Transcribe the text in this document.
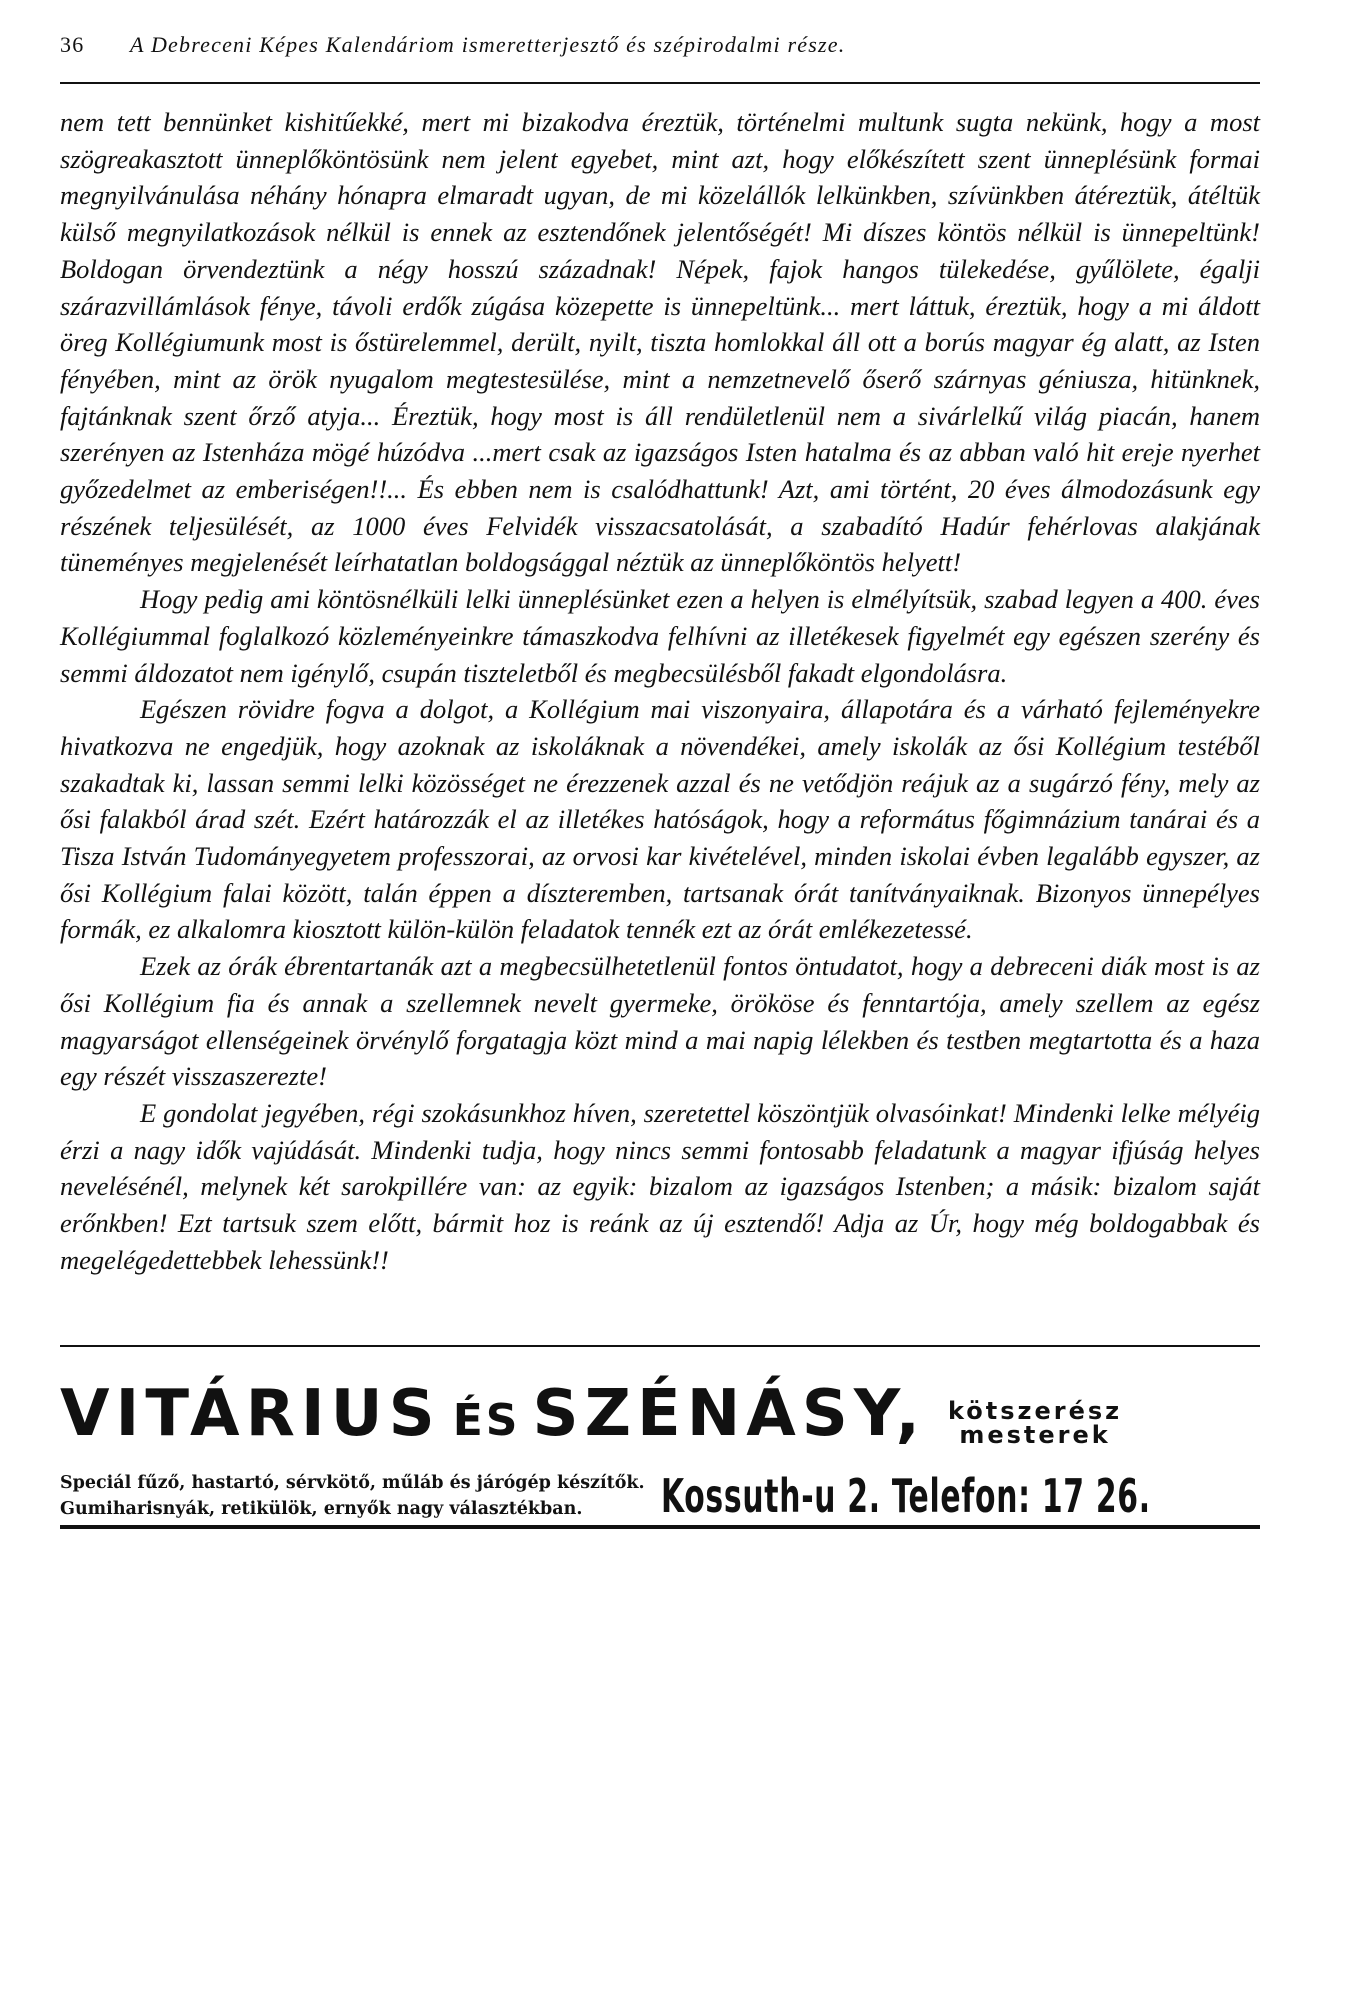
36	A Debreceni Képes Kalendáriom ismeretterjesztő és szépirodalmi része.

nem tett bennünket kishitűekké, mert mi bizakodva éreztük, történelmi multunk sugta nekünk, hogy a most szögreakasztott ünneplőköntösünk nem jelent egyebet, mint azt, hogy előkészített szent ünneplésünk formai megnyilvánulása néhány hónapra elmaradt ugyan, de mi közelállók lelkünkben, szívünkben átéreztük, átéltük külső megnyilatkozások nélkül is ennek az esztendőnek jelentőségét! Mi díszes köntös nélkül is ünnepeltünk! Boldogan örvendeztünk a négy hosszú századnak! Népek, fajok hangos tülekedése, gyűlölete, égalji szárazvillámlások fénye, távoli erdők zúgása közepette is ünnepeltünk... mert láttuk, éreztük, hogy a mi áldott öreg Kollégiumunk most is őstürelemmel, derült, nyilt, tiszta homlokkal áll ott a borús magyar ég alatt, az Isten fényében, mint az örök nyugalom megtestesülése, mint a nemzetnevelő őserő szárnyas géniusza, hitünknek, fajtánknak szent őrző atyja... Éreztük, hogy most is áll rendületlenül nem a sivárlelkű világ piacán, hanem szerényen az Istenháza mögé húzódva ...mert csak az igazságos Isten hatalma és az abban való hit ereje nyerhet győzedelmet az emberiségen!!... És ebben nem is csalódhattunk! Azt, ami történt, 20 éves álmodozásunk egy részének teljesülését, az 1000 éves Felvidék visszacsatolását, a szabadító Hadúr fehérlovas alakjának tüneményes megjelenését leírhatatlan boldogsággal néztük az ünneplőköntös helyett!

Hogy pedig ami köntösnélküli lelki ünneplésünket ezen a helyen is elmélyítsük, szabad legyen a 400. éves Kollégiummal foglalkozó közleményeinkre támaszkodva felhívni az illetékesek figyelmét egy egészen szerény és semmi áldozatot nem igénylő, csupán tiszteletből és megbecsülésből fakadt elgondolásra.

Egészen rövidre fogva a dolgot, a Kollégium mai viszonyaira, állapotára és a várható fejleményekre hivatkozva ne engedjük, hogy azoknak az iskoláknak a növendékei, amely iskolák az ősi Kollégium testéből szakadtak ki, lassan semmi lelki közösséget ne érezzenek azzal és ne vetődjön reájuk az a sugárzó fény, mely az ősi falakból árad szét. Ezért határozzák el az illetékes hatóságok, hogy a református főgimnázium tanárai és a Tisza István Tudományegyetem professzorai, az orvosi kar kivételével, minden iskolai évben legalább egyszer, az ősi Kollégium falai között, talán éppen a díszteremben, tartsanak órát tanítványaiknak. Bizonyos ünnepélyes formák, ez alkalomra kiosztott külön-külön feladatok tennék ezt az órát emlékezetessé.

Ezek az órák ébrentartanák azt a megbecsülhetetlenül fontos öntudatot, hogy a debreceni diák most is az ősi Kollégium fia és annak a szellemnek nevelt gyermeke, örököse és fenntartója, amely szellem az egész magyarságot ellenségeinek örvénylő forgatagja közt mind a mai napig lélekben és testben megtartotta és a haza egy részét visszaszerezte!

E gondolat jegyében, régi szokásunkhoz híven, szeretettel köszöntjük olvasóinkat! Mindenki lelke mélyéig érzi a nagy idők vajúdását. Mindenki tudja, hogy nincs semmi fontosabb feladatunk a magyar ifjúság helyes nevelésénél, melynek két sarokpillére van: az egyik: bizalom az igazságos Istenben; a másik: bizalom saját erőnkben! Ezt tartsuk szem előtt, bármit hoz is reánk az új esztendő! Adja az Úr, hogy még boldogabbak és megelégedettebbek lehessünk!!

VITÁRIUS ÉS SZÉNÁSY, kötszerész
mesterek
Speciál fűző, hastartó, sérvkötő, műláb és járógép készítők.
Gumiharisnyák, retikülök, ernyők nagy választékban.	Kossuth-u 2. Telefon: 17 26.
